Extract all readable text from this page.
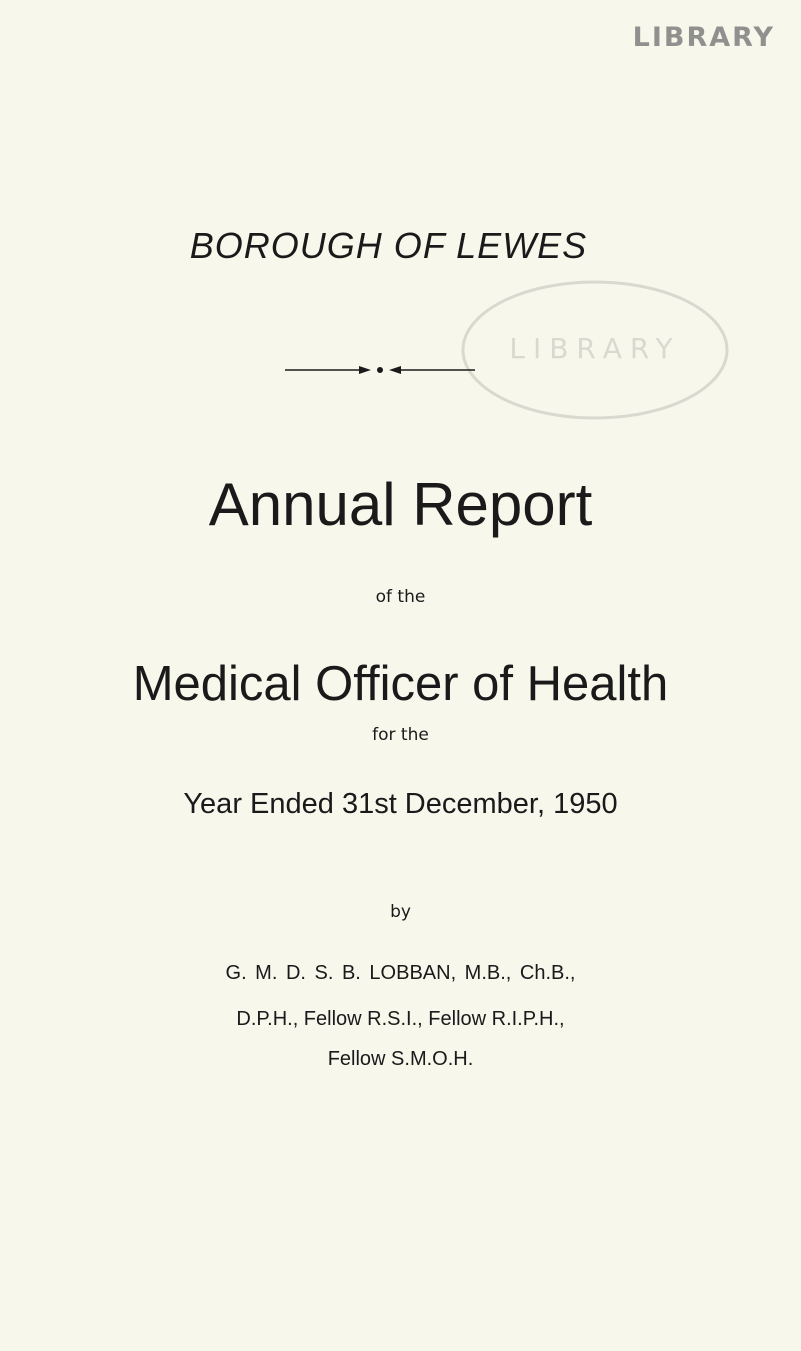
LIBRARY
LIBRARY
BOROUGH OF LEWES
Annual Report
of the
Medical Officer of Health
for the
Year Ended 31st December, 1950
by
G. M. D. S. B. LOBBAN, M.B., Ch.B.,
D.P.H., Fellow R.S.I., Fellow R.I.P.H.,
Fellow S.M.O.H.
